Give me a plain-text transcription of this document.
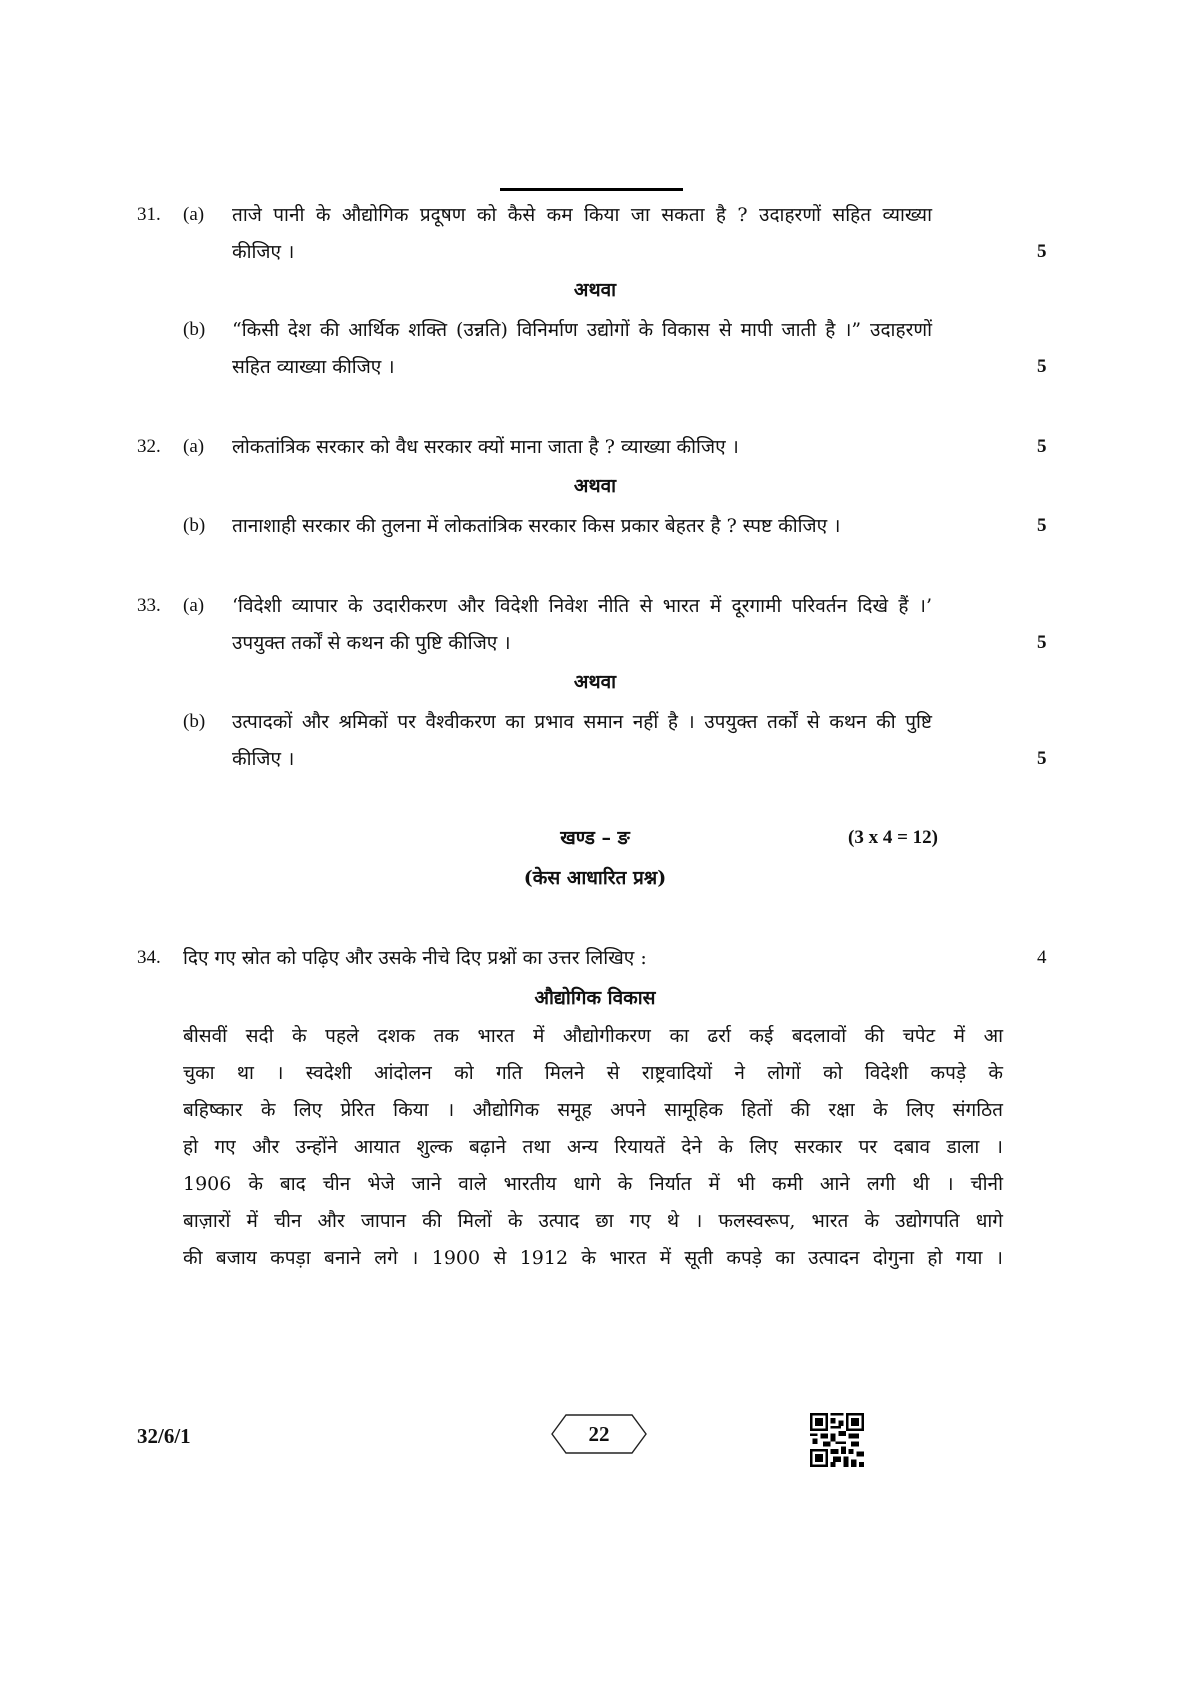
31. (a) ताजे पानी के औद्योगिक प्रदूषण को कैसे कम किया जा सकता है ? उदाहरणों सहित व्याख्या
कीजिए ।	5
अथवा
(b) “किसी देश की आर्थिक शक्ति (उन्नति) विनिर्माण उद्योगों के विकास से मापी जाती है ।” उदाहरणों
सहित व्याख्या कीजिए ।	5
32. (a) लोकतांत्रिक सरकार को वैध सरकार क्यों माना जाता है ? व्याख्या कीजिए ।	5
अथवा
(b) तानाशाही सरकार की तुलना में लोकतांत्रिक सरकार किस प्रकार बेहतर है ? स्पष्ट कीजिए ।	5
33. (a) ‘विदेशी व्यापार के उदारीकरण और विदेशी निवेश नीति से भारत में दूरगामी परिवर्तन दिखे हैं ।’
उपयुक्त तर्कों से कथन की पुष्टि कीजिए ।	5
अथवा
(b) उत्पादकों और श्रमिकों पर वैश्वीकरण का प्रभाव समान नहीं है । उपयुक्त तर्कों से कथन की पुष्टि
कीजिए ।	5
खण्ड – ङ	(3 x 4 = 12)
(केस आधारित प्रश्न)
34. दिए गए स्रोत को पढ़िए और उसके नीचे दिए प्रश्नों का उत्तर लिखिए :	4
औद्योगिक विकास
बीसवीं सदी के पहले दशक तक भारत में औद्योगीकरण का ढर्रा कई बदलावों की चपेट में आ
चुका था । स्वदेशी आंदोलन को गति मिलने से राष्ट्रवादियों ने लोगों को विदेशी कपड़े के
बहिष्कार के लिए प्रेरित किया । औद्योगिक समूह अपने सामूहिक हितों की रक्षा के लिए संगठित
हो गए और उन्होंने आयात शुल्क बढ़ाने तथा अन्य रियायतें देने के लिए सरकार पर दबाव डाला ।
1906 के बाद चीन भेजे जाने वाले भारतीय धागे के निर्यात में भी कमी आने लगी थी । चीनी
बाज़ारों में चीन और जापान की मिलों के उत्पाद छा गए थे । फलस्वरूप, भारत के उद्योगपति धागे
की बजाय कपड़ा बनाने लगे । 1900 से 1912 के भारत में सूती कपड़े का उत्पादन दोगुना हो गया ।
32/6/1	22
